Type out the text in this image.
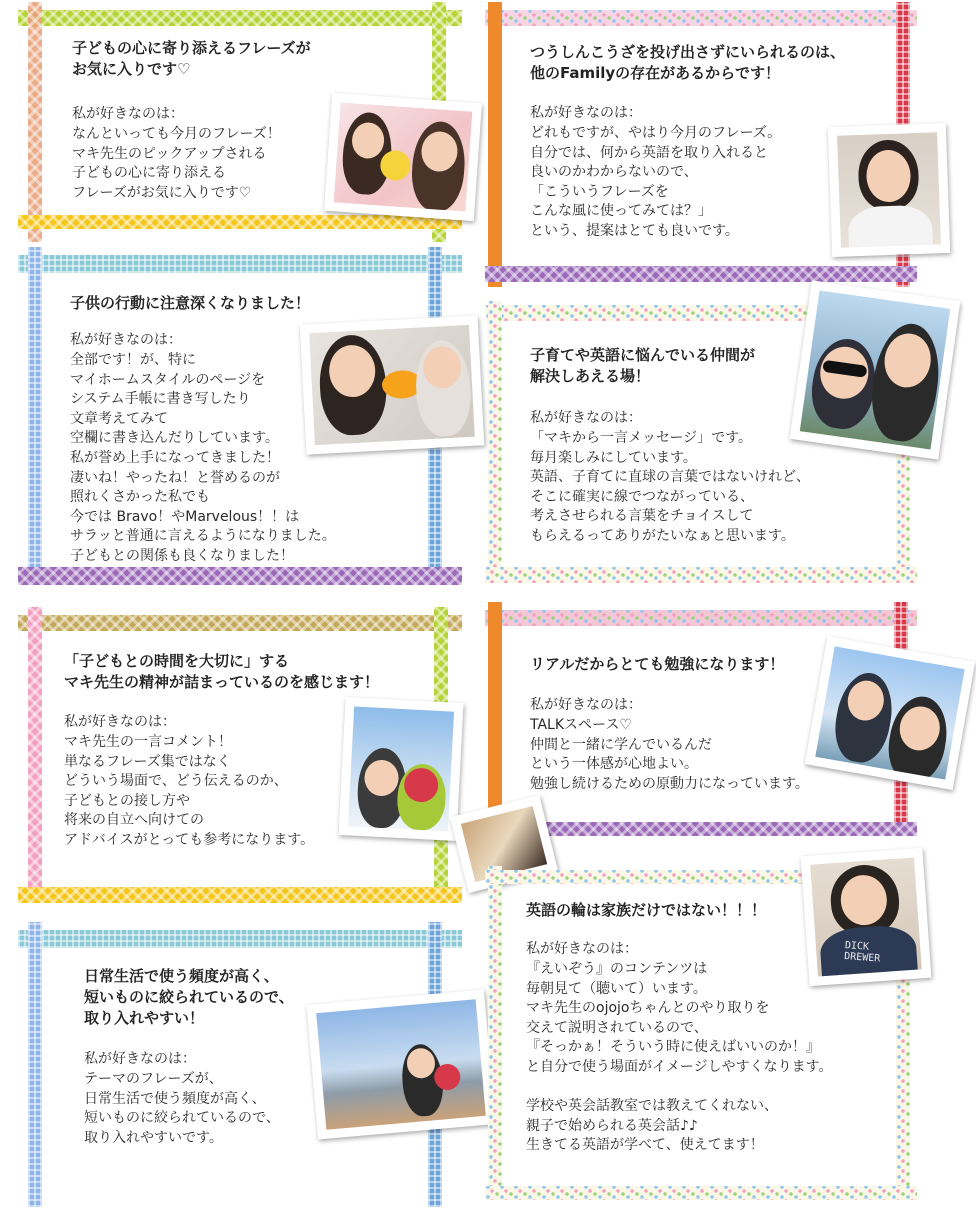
子どもの心に寄り添えるフレーズが
お気に入りです♡
私が好きなのは：
なんといっても今月のフレーズ！
マキ先生のピックアップされる
子どもの心に寄り添える
フレーズがお気に入りです♡
つうしんこうざを投げ出さずにいられるのは、
他のFamilyの存在があるからです！
私が好きなのは：
どれもですが、やはり今月のフレーズ。
自分では、何から英語を取り入れると
良いのかわからないので、
「こういうフレーズを
こんな風に使ってみては？」
という、提案はとても良いです。
子供の行動に注意深くなりました！
私が好きなのは：
全部です！が、特に
マイホームスタイルのページを
システム手帳に書き写したり
文章考えてみて
空欄に書き込んだりしています。
私が誉め上手になってきました！
凄いね！やったね！と誉めるのが
照れくさかった私でも
今では Bravo！やMarvelous！！は
サラッと普通に言えるようになりました。
子どもとの関係も良くなりました！
子育てや英語に悩んでいる仲間が
解決しあえる場！
私が好きなのは：
「マキから一言メッセージ」です。
毎月楽しみにしています。
英語、子育てに直球の言葉ではないけれど、
そこに確実に線でつながっている、
考えさせられる言葉をチョイスして
もらえるってありがたいなぁと思います。
「子どもとの時間を大切に」する
マキ先生の精神が詰まっているのを感じます！
私が好きなのは：
マキ先生の一言コメント！
単なるフレーズ集ではなく
どういう場面で、どう伝えるのか、
子どもとの接し方や
将来の自立へ向けての
アドバイスがとっても参考になります。
リアルだからとても勉強になります！
私が好きなのは：
TALKスペース♡
仲間と一緒に学んでいるんだ
という一体感が心地よい。
勉強し続けるための原動力になっています。
日常生活で使う頻度が高く、
短いものに絞られているので、
取り入れやすい！
私が好きなのは：
テーマのフレーズが、
日常生活で使う頻度が高く、
短いものに絞られているので、
取り入れやすいです。
英語の輪は家族だけではない！！！
私が好きなのは：
『えいぞう』のコンテンツは
毎朝見て（聴いて）います。
マキ先生のojojoちゃんとのやり取りを
交えて説明されているので、
『そっかぁ！そういう時に使えばいいのか！』
と自分で使う場面がイメージしやすくなります。

学校や英会話教室では教えてくれない、
親子で始められる英会話♪♪
生きてる英語が学べて、使えてます！
DICK
DREWER
